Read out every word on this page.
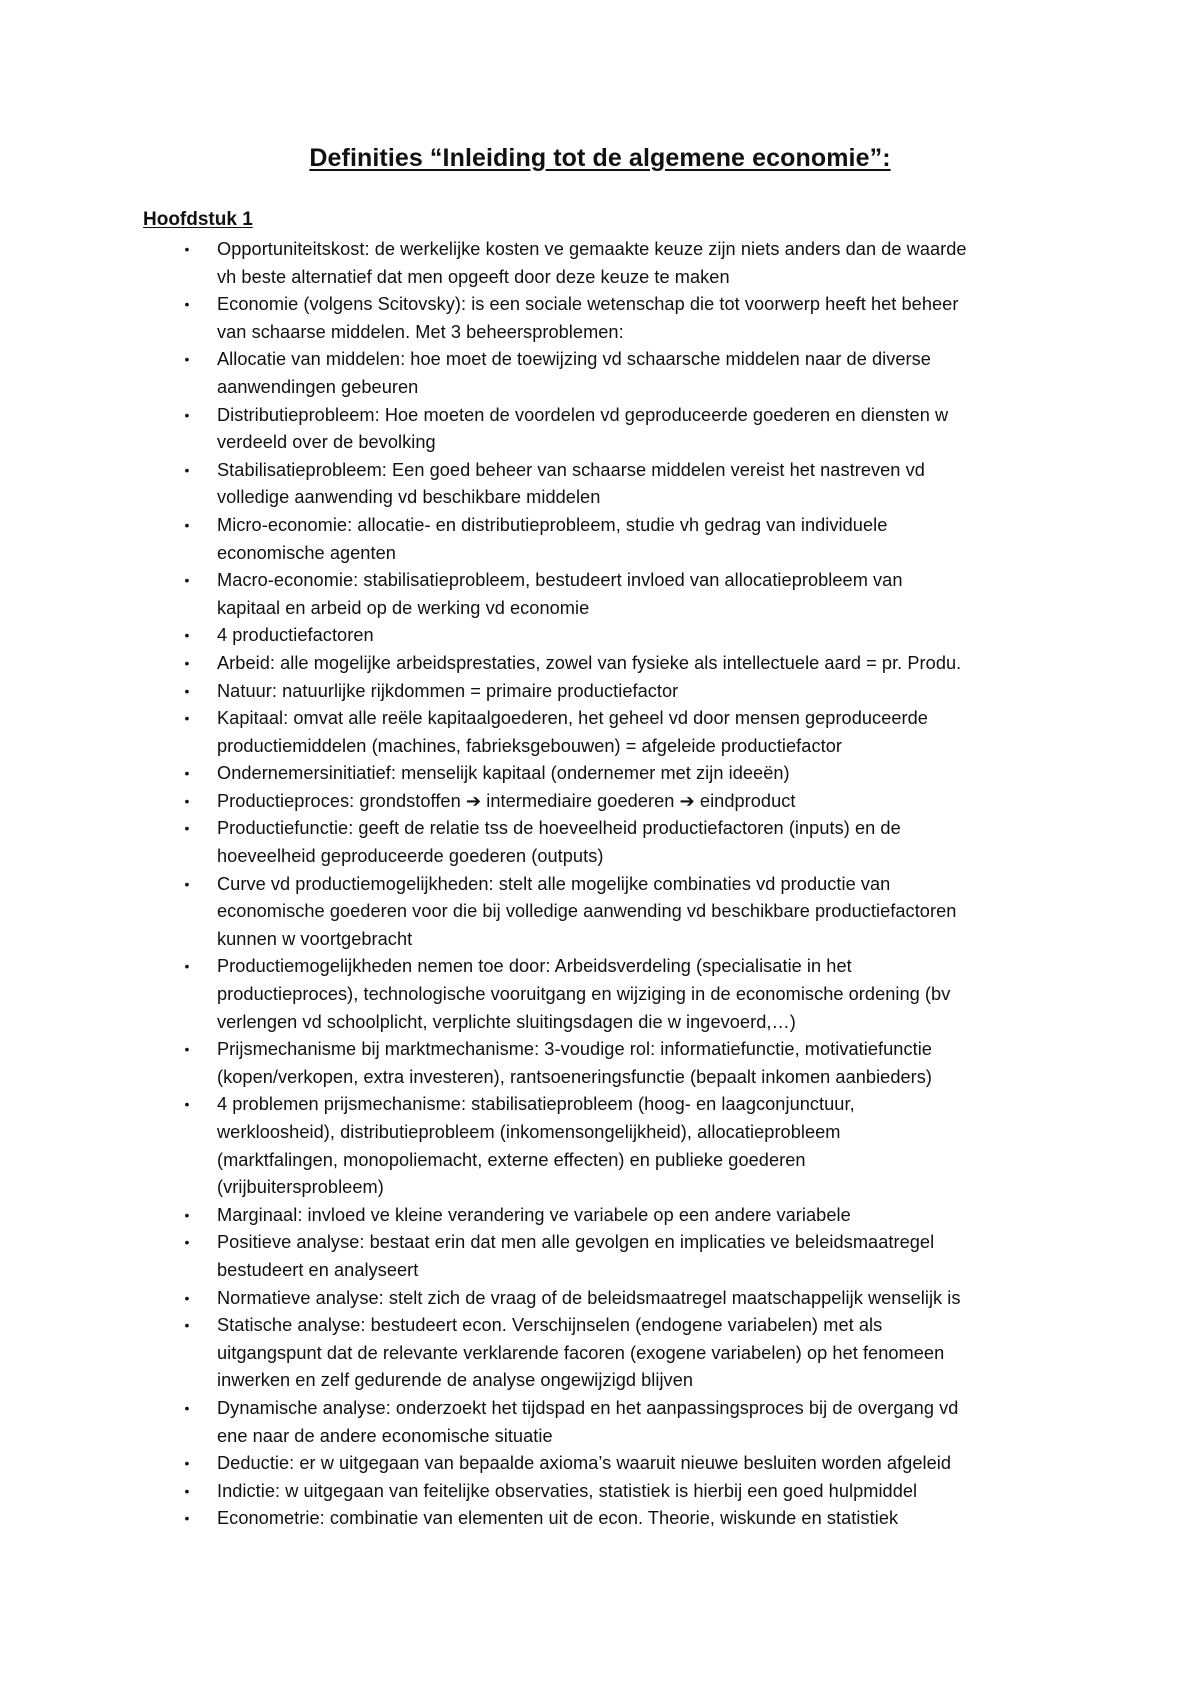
Definities “Inleiding tot de algemene economie”:
Hoofdstuk 1
• Opportuniteitskost: de werkelijke kosten ve gemaakte keuze zijn niets anders dan de waarde
vh beste alternatief dat men opgeeft door deze keuze te maken
• Economie (volgens Scitovsky): is een sociale wetenschap die tot voorwerp heeft het beheer
van schaarse middelen. Met 3 beheersproblemen:
• Allocatie van middelen: hoe moet de toewijzing vd schaarsche middelen naar de diverse
aanwendingen gebeuren
• Distributieprobleem: Hoe moeten de voordelen vd geproduceerde goederen en diensten w
verdeeld over de bevolking
• Stabilisatieprobleem: Een goed beheer van schaarse middelen vereist het nastreven vd
volledige aanwending vd beschikbare middelen
• Micro-economie: allocatie- en distributieprobleem, studie vh gedrag van individuele
economische agenten
• Macro-economie: stabilisatieprobleem, bestudeert invloed van allocatieprobleem van
kapitaal en arbeid op de werking vd economie
• 4 productiefactoren
• Arbeid: alle mogelijke arbeidsprestaties, zowel van fysieke als intellectuele aard = pr. Produ.
• Natuur: natuurlijke rijkdommen = primaire productiefactor
• Kapitaal: omvat alle reële kapitaalgoederen, het geheel vd door mensen geproduceerde
productiemiddelen (machines, fabrieksgebouwen) = afgeleide productiefactor
• Ondernemersinitiatief: menselijk kapitaal (ondernemer met zijn ideeën)
• Productieproces: grondstoffen ➔ intermediaire goederen ➔ eindproduct
• Productiefunctie: geeft de relatie tss de hoeveelheid productiefactoren (inputs) en de
hoeveelheid geproduceerde goederen (outputs)
• Curve vd productiemogelijkheden: stelt alle mogelijke combinaties vd productie van
economische goederen voor die bij volledige aanwending vd beschikbare productiefactoren
kunnen w voortgebracht
• Productiemogelijkheden nemen toe door: Arbeidsverdeling (specialisatie in het
productieproces), technologische vooruitgang en wijziging in de economische ordening (bv
verlengen vd schoolplicht, verplichte sluitingsdagen die w ingevoerd,…)
• Prijsmechanisme bij marktmechanisme: 3-voudige rol: informatiefunctie, motivatiefunctie
(kopen/verkopen, extra investeren), rantsoeneringsfunctie (bepaalt inkomen aanbieders)
• 4 problemen prijsmechanisme: stabilisatieprobleem (hoog- en laagconjunctuur,
werkloosheid), distributieprobleem (inkomensongelijkheid), allocatieprobleem
(marktfalingen, monopoliemacht, externe effecten) en publieke goederen
(vrijbuitersprobleem)
• Marginaal: invloed ve kleine verandering ve variabele op een andere variabele
• Positieve analyse: bestaat erin dat men alle gevolgen en implicaties ve beleidsmaatregel
bestudeert en analyseert
• Normatieve analyse: stelt zich de vraag of de beleidsmaatregel maatschappelijk wenselijk is
• Statische analyse: bestudeert econ. Verschijnselen (endogene variabelen) met als
uitgangspunt dat de relevante verklarende facoren (exogene variabelen) op het fenomeen
inwerken en zelf gedurende de analyse ongewijzigd blijven
• Dynamische analyse: onderzoekt het tijdspad en het aanpassingsproces bij de overgang vd
ene naar de andere economische situatie
• Deductie: er w uitgegaan van bepaalde axioma’s waaruit nieuwe besluiten worden afgeleid
• Indictie: w uitgegaan van feitelijke observaties, statistiek is hierbij een goed hulpmiddel
• Econometrie: combinatie van elementen uit de econ. Theorie, wiskunde en statistiek
